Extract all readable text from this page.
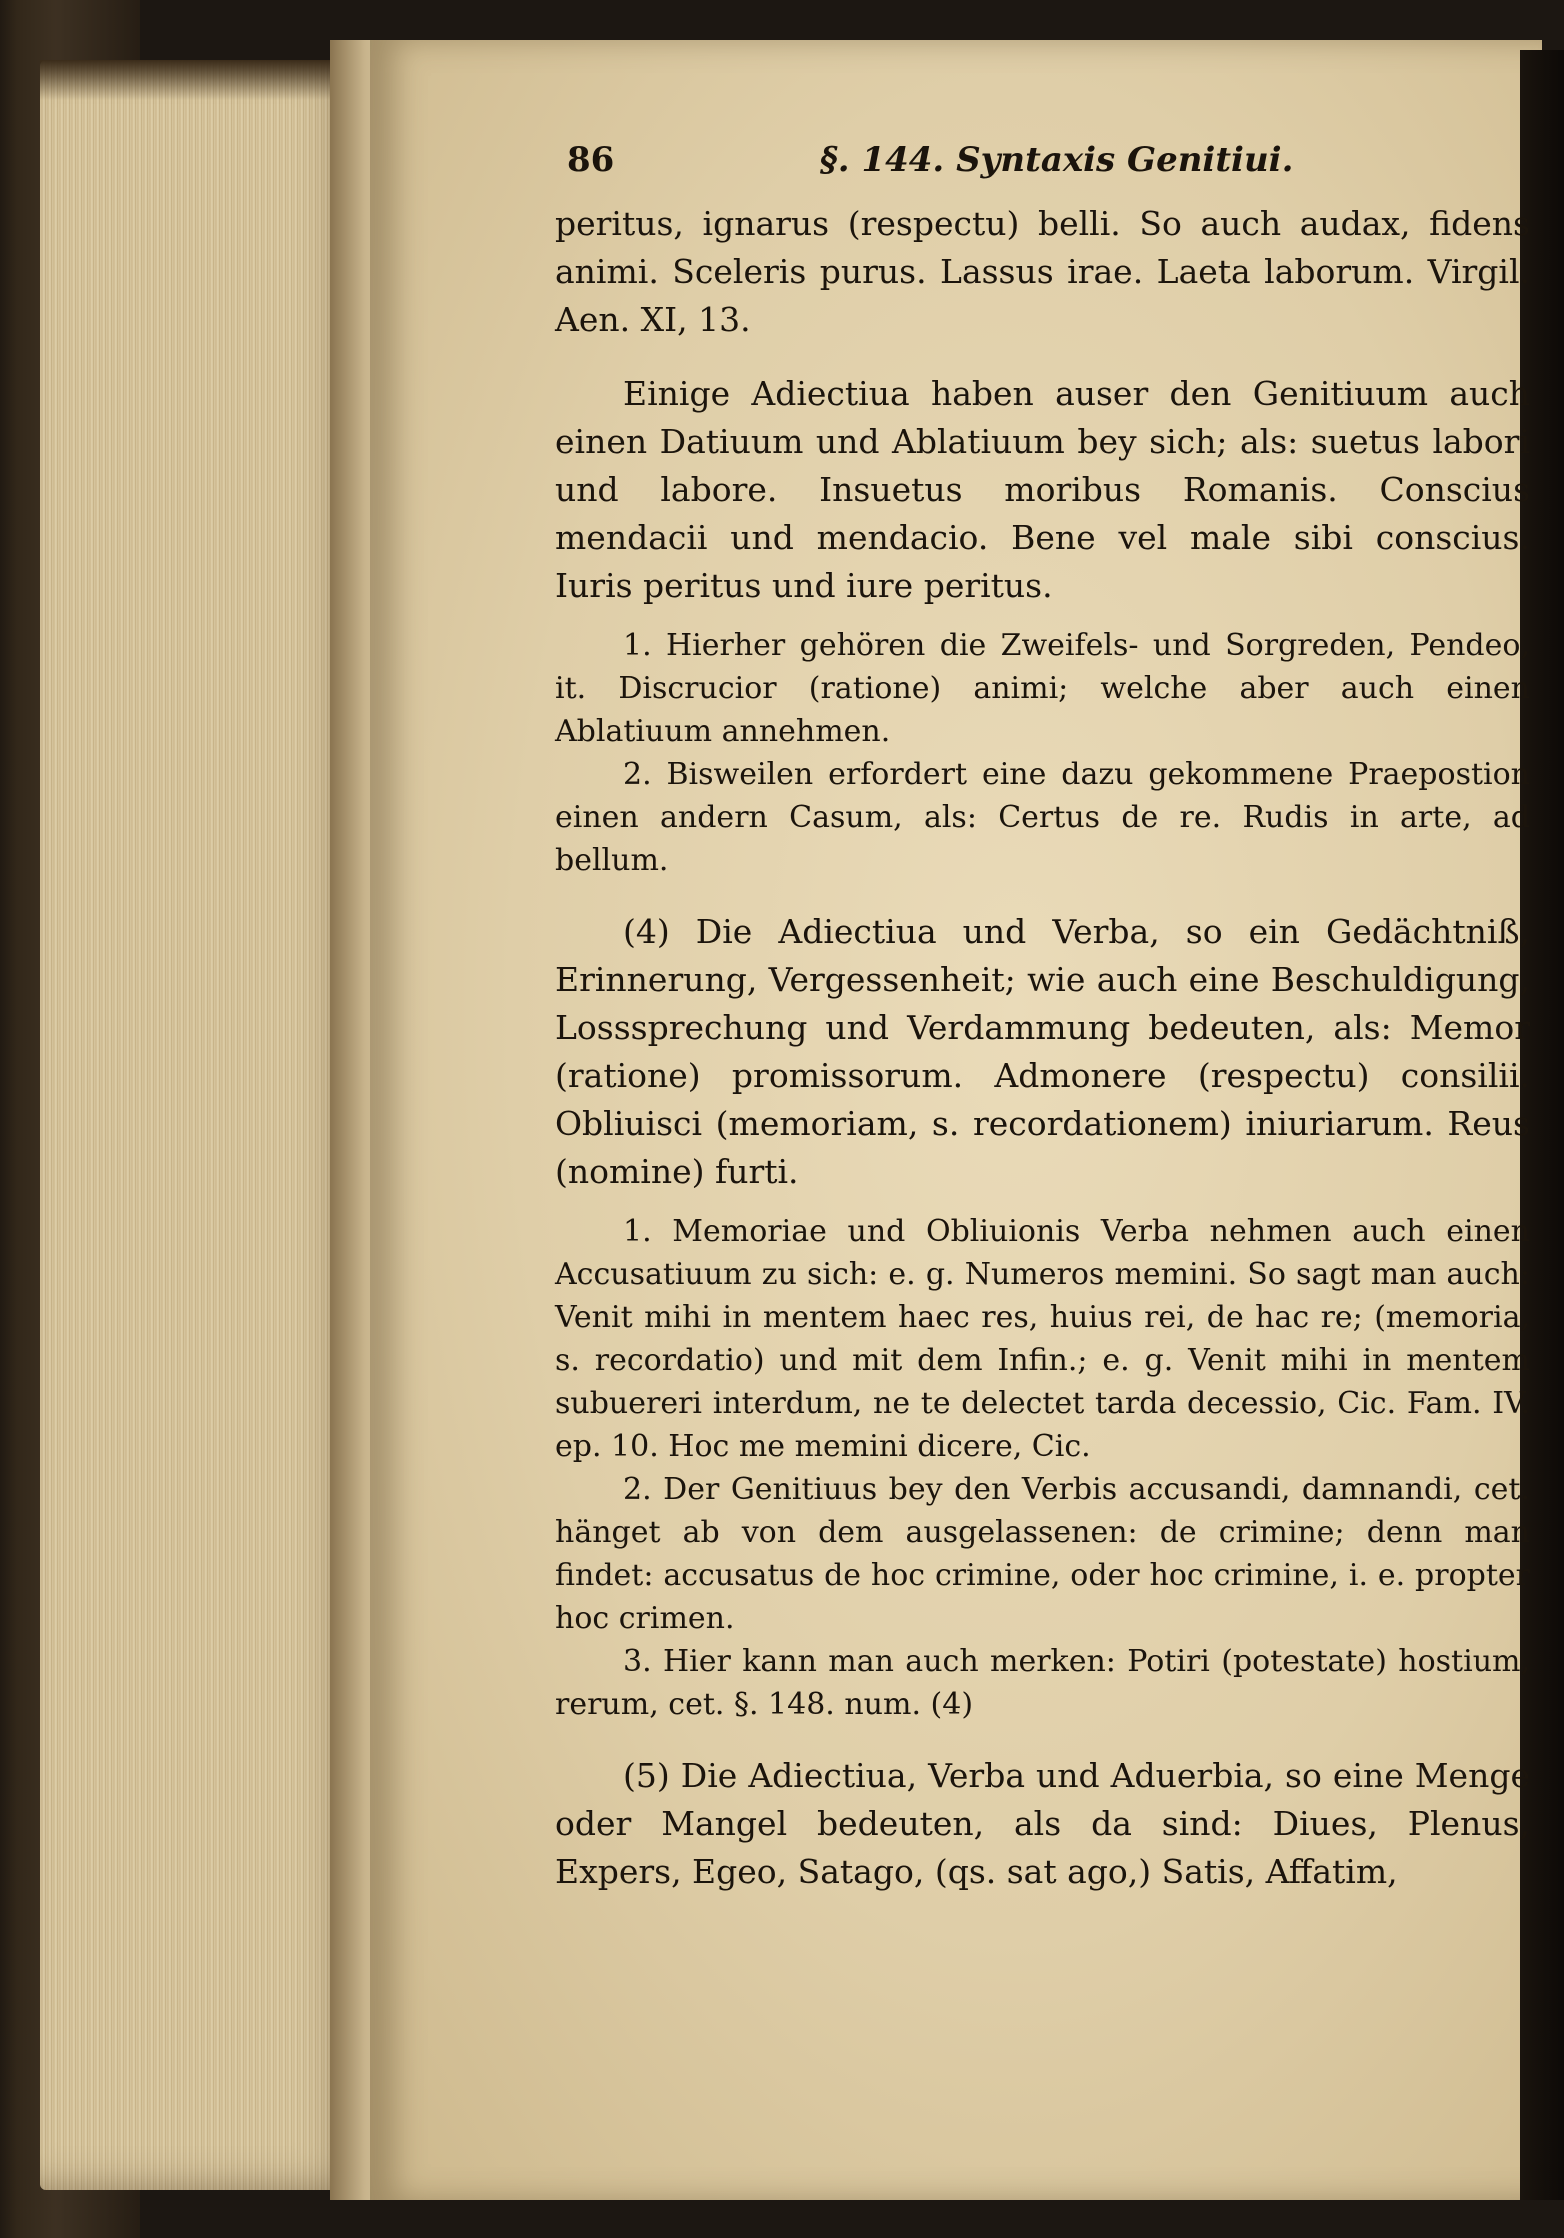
86	§. 144. Syntaxis Genitiui.

peritus, ignarus (respectu) belli. So auch audax, fidens animi. Sceleris purus. Lassus irae. Laeta laborum. Virgil. Aen. XI, 13.

Einige Adiectiua haben auser den Genitiuum auch einen Datiuum und Ablatiuum bey sich; als: suetus labori und labore. Insuetus moribus Romanis. Conscius mendacii und mendacio. Bene vel male sibi conscius. Iuris peritus und iure peritus.

1. Hierher gehören die Zweifels- und Sorgreden, Pendeo, it. Discrucior (ratione) animi; welche aber auch einen Ablatiuum annehmen.

2. Bisweilen erfordert eine dazu gekommene Praepostion einen andern Casum, als: Certus de re. Rudis in arte, ad bellum.

(4) Die Adiectiua und Verba, so ein Gedächtniß, Erinnerung, Vergessenheit; wie auch eine Beschuldigung, Losssprechung und Verdammung bedeuten, als: Memor (ratione) promissorum. Admonere (respectu) consilii. Obliuisci (memoriam, s. recordationem) iniuriarum. Reus (nomine) furti.

1. Memoriae und Obliuionis Verba nehmen auch einen Accusatiuum zu sich: e. g. Numeros memini. So sagt man auch: Venit mihi in mentem haec res, huius rei, de hac re; (memoria, s. recordatio) und mit dem Infin.; e. g. Venit mihi in mentem subuereri interdum, ne te delectet tarda decessio, Cic. Fam. IV. ep. 10. Hoc me memini dicere, Cic.

2. Der Genitiuus bey den Verbis accusandi, damnandi, cet. hänget ab von dem ausgelassenen: de crimine; denn man findet: accusatus de hoc crimine, oder hoc crimine, i. e. propter hoc crimen.

3. Hier kann man auch merken: Potiri (potestate) hostium, rerum, cet. §. 148. num. (4)

(5) Die Adiectiua, Verba und Aduerbia, so eine Menge oder Mangel bedeuten, als da sind: Diues, Plenus, Expers, Egeo, Satago, (qs. sat ago,) Satis, Affatim,
